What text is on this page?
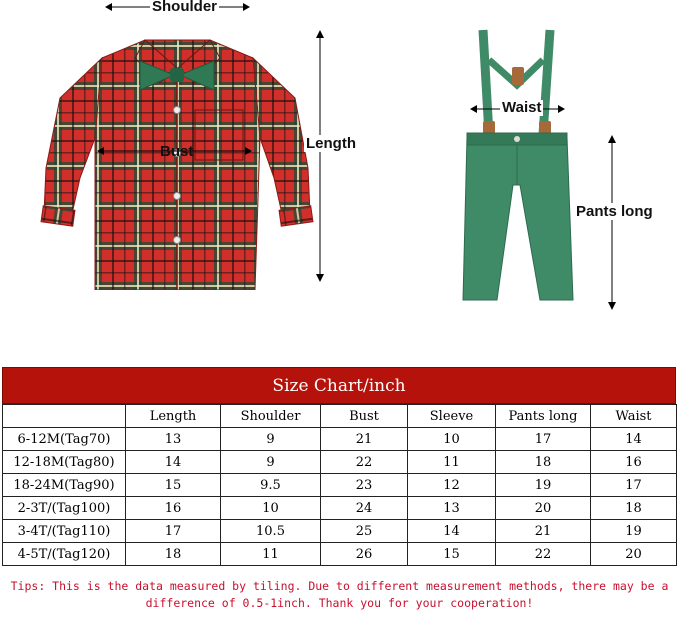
Shoulder
Bust	Length
Waist
Pants long
Size Chart/inch
	Length	Shoulder	Bust	Sleeve	Pants long	Waist
6-12M(Tag70)	13	9	21	10	17	14
12-18M(Tag80)	14	9	22	11	18	16
18-24M(Tag90)	15	9.5	23	12	19	17
2-3T/(Tag100)	16	10	24	13	20	18
3-4T/(Tag110)	17	10.5	25	14	21	19
4-5T/(Tag120)	18	11	26	15	22	20
Tips: This is the data measured by tiling. Due to different measurement methods, there may be a
difference of 0.5-1inch. Thank you for your cooperation!
